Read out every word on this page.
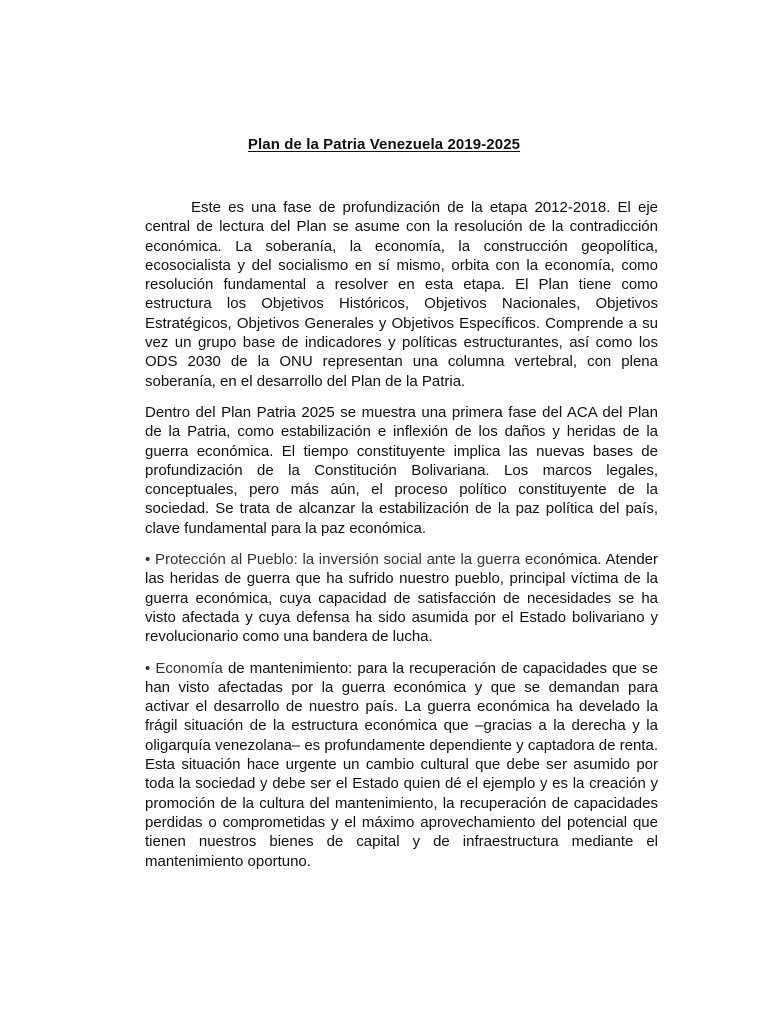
Plan de la Patria Venezuela 2019-2025

Este es una fase de profundización de la etapa 2012-2018. El eje central de lectura del Plan se asume con la resolución de la contradicción económica. La soberanía, la economía, la construcción geopolítica, ecosocialista y del socialismo en sí mismo, orbita con la economía, como resolución fundamental a resolver en esta etapa. El Plan tiene como estructura los Objetivos Históricos, Objetivos Nacionales, Objetivos Estratégicos, Objetivos Generales y Objetivos Específicos. Comprende a su vez un grupo base de indicadores y políticas estructurantes, así como los ODS 2030 de la ONU representan una columna vertebral, con plena soberanía, en el desarrollo del Plan de la Patria.

Dentro del Plan Patria 2025 se muestra una primera fase del ACA del Plan de la Patria, como estabilización e inflexión de los daños y heridas de la guerra económica. El tiempo constituyente implica las nuevas bases de profundización de la Constitución Bolivariana. Los marcos legales, conceptuales, pero más aún, el proceso político constituyente de la sociedad. Se trata de alcanzar la estabilización de la paz política del país, clave fundamental para la paz económica.

• Protección al Pueblo: la inversión social ante la guerra económica. Atender las heridas de guerra que ha sufrido nuestro pueblo, principal víctima de la guerra económica, cuya capacidad de satisfacción de necesidades se ha visto afectada y cuya defensa ha sido asumida por el Estado bolivariano y revolucionario como una bandera de lucha.

• Economía de mantenimiento: para la recuperación de capacidades que se han visto afectadas por la guerra económica y que se demandan para activar el desarrollo de nuestro país. La guerra económica ha develado la frágil situación de la estructura económica que –gracias a la derecha y la oligarquía venezolana– es profundamente dependiente y captadora de renta. Esta situación hace urgente un cambio cultural que debe ser asumido por toda la sociedad y debe ser el Estado quien dé el ejemplo y es la creación y promoción de la cultura del mantenimiento, la recuperación de capacidades perdidas o comprometidas y el máximo aprovechamiento del potencial que tienen nuestros bienes de capital y de infraestructura mediante el mantenimiento oportuno.
